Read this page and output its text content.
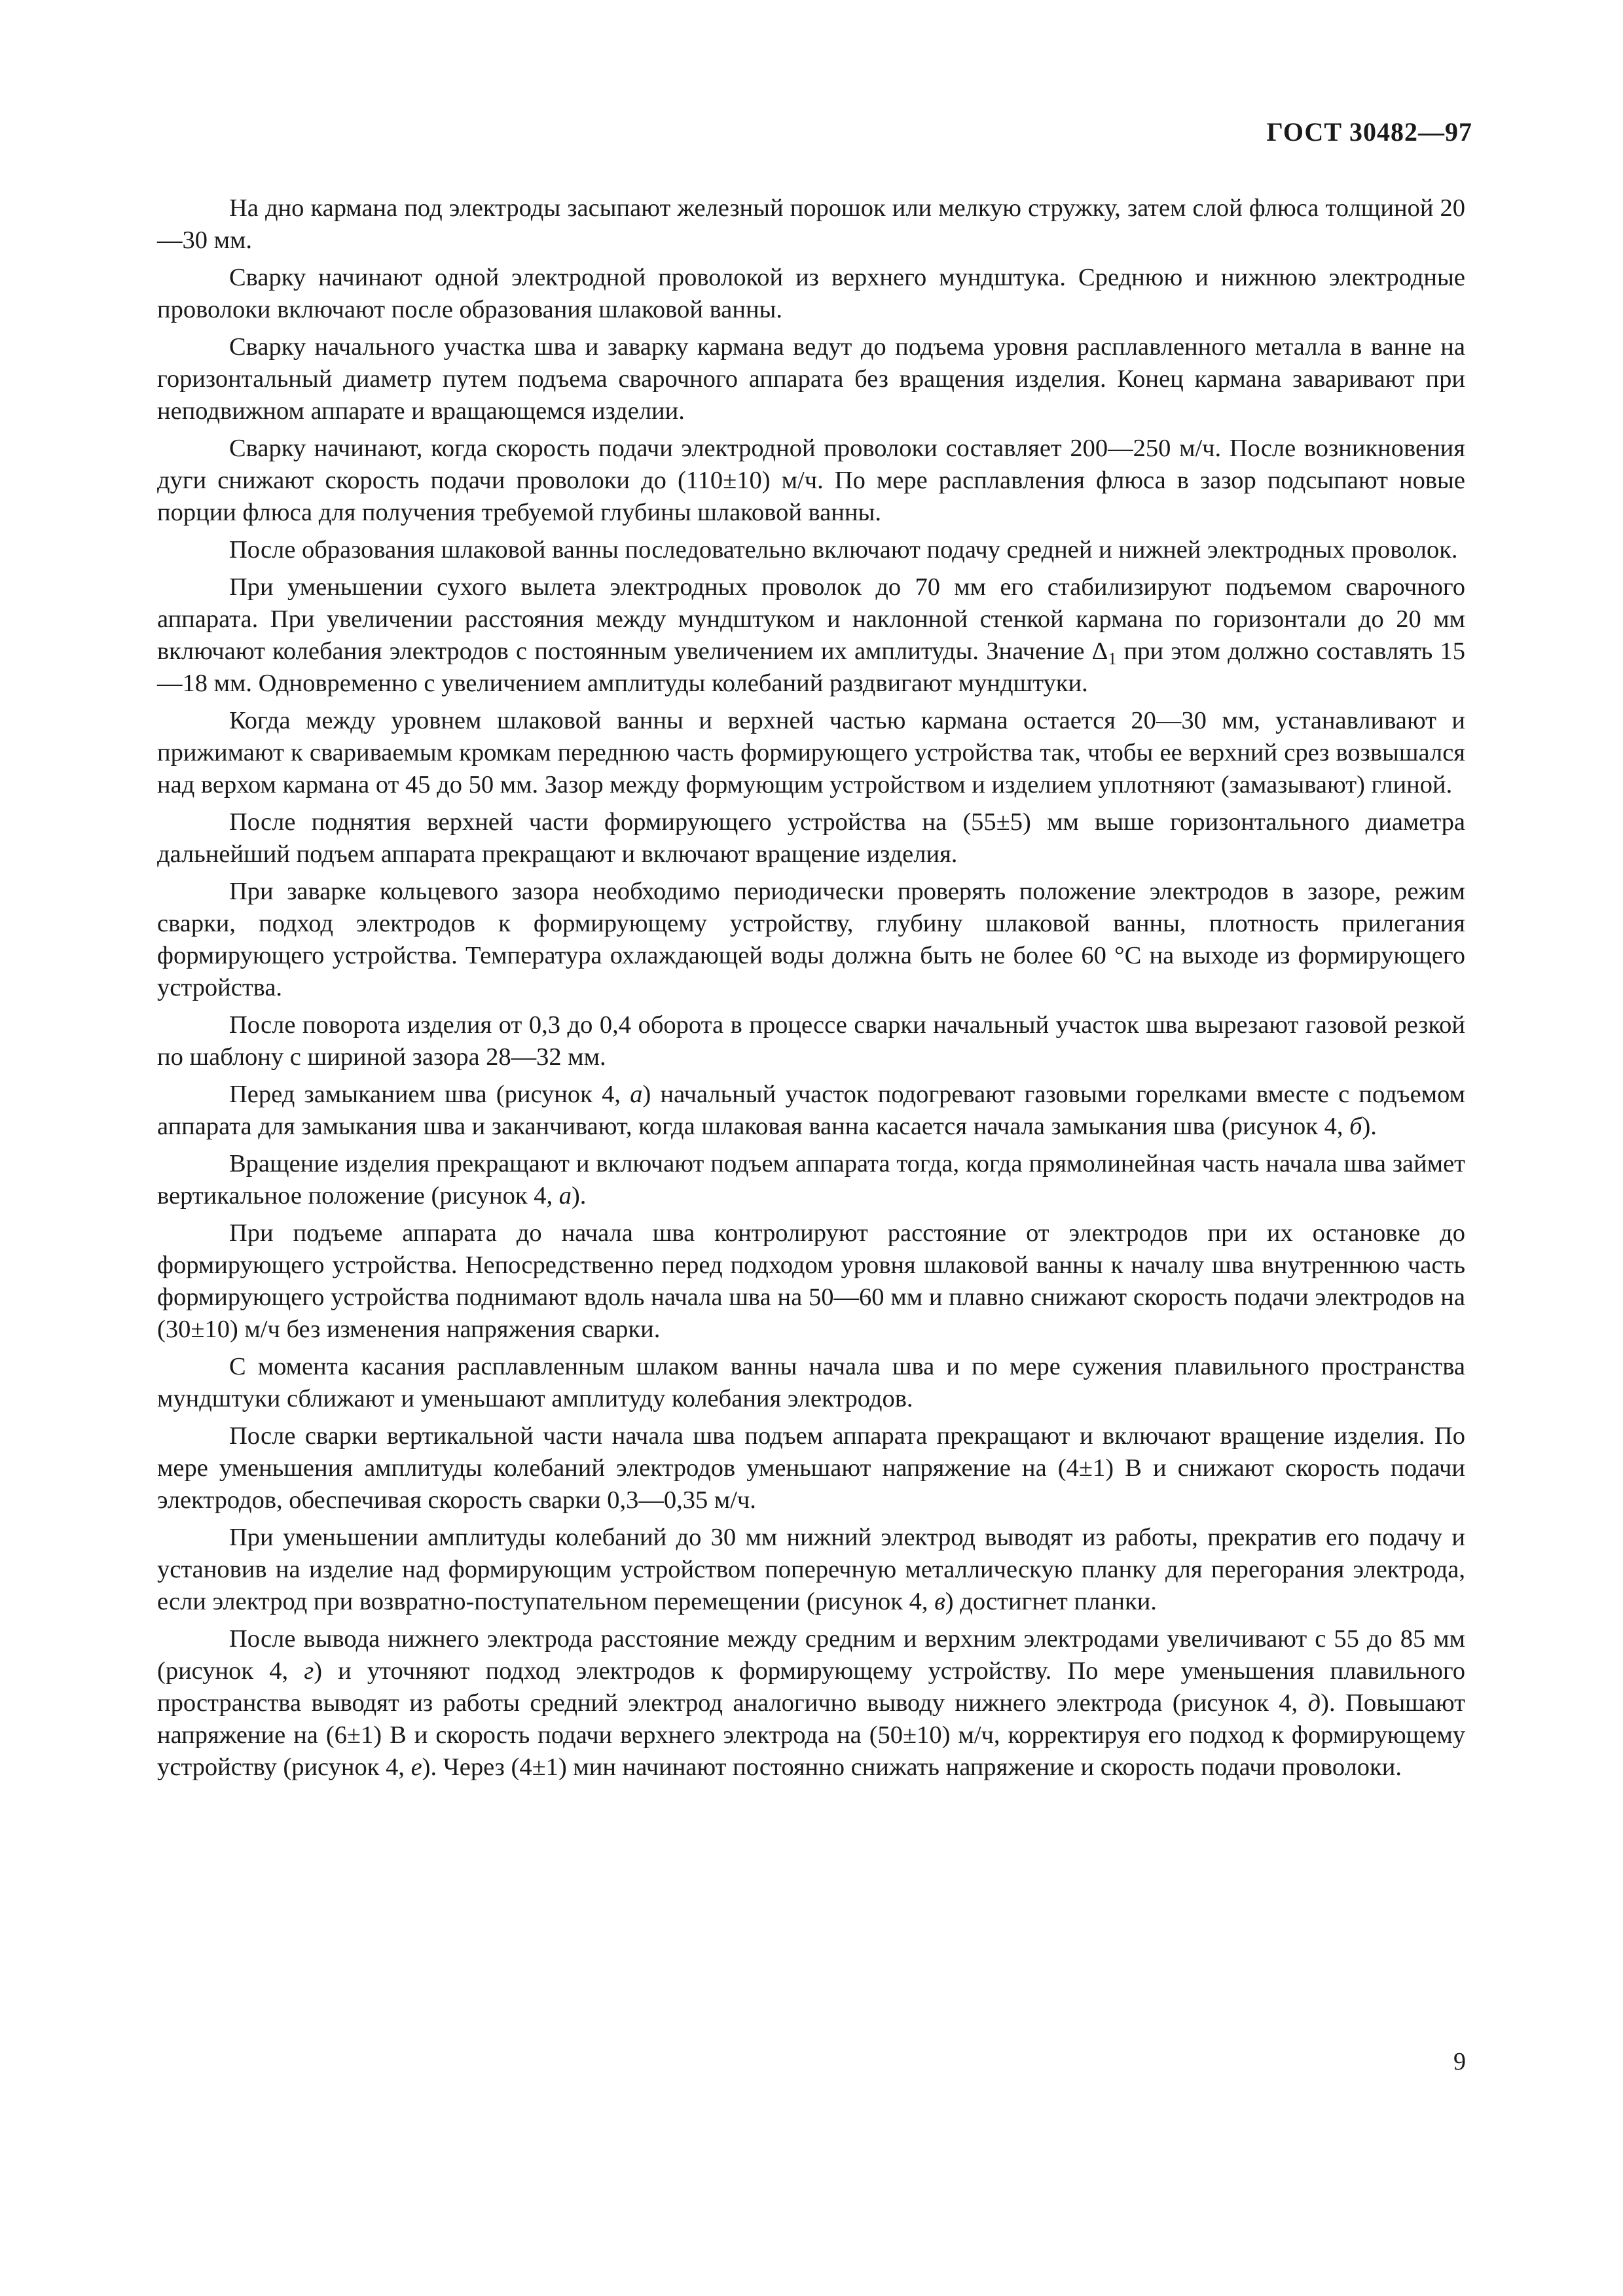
ГОСТ 30482—97

На дно кармана под электроды засыпают железный порошок или мелкую стружку, затем слой флюса толщиной 20—30 мм.

Сварку начинают одной электродной проволокой из верхнего мундштука. Среднюю и нижнюю электродные проволоки включают после образования шлаковой ванны.

Сварку начального участка шва и заварку кармана ведут до подъема уровня расплавленного металла в ванне на горизонтальный диаметр путем подъема сварочного аппарата без вращения изделия. Конец кармана заваривают при неподвижном аппарате и вращающемся изделии.

Сварку начинают, когда скорость подачи электродной проволоки составляет 200—250 м/ч. После возникновения дуги снижают скорость подачи проволоки до (110±10) м/ч. По мере расплавления флюса в зазор подсыпают новые порции флюса для получения требуемой глубины шлаковой ванны.

После образования шлаковой ванны последовательно включают подачу средней и нижней электродных проволок.

При уменьшении сухого вылета электродных проволок до 70 мм его стабилизируют подъемом сварочного аппарата. При увеличении расстояния между мундштуком и наклонной стенкой кармана по горизонтали до 20 мм включают колебания электродов с постоянным увеличением их амплитуды. Значение $\Delta_1$ при этом должно составлять 15—18 мм. Одновременно с увеличением амплитуды колебаний раздвигают мундштуки.

Когда между уровнем шлаковой ванны и верхней частью кармана остается 20—30 мм, устанавливают и прижимают к свариваемым кромкам переднюю часть формирующего устройства так, чтобы ее верхний срез возвышался над верхом кармана от 45 до 50 мм. Зазор между формующим устройством и изделием уплотняют (замазывают) глиной.

После поднятия верхней части формирующего устройства на (55±5) мм выше горизонтального диаметра дальнейший подъем аппарата прекращают и включают вращение изделия.

При заварке кольцевого зазора необходимо периодически проверять положение электродов в зазоре, режим сварки, подход электродов к формирующему устройству, глубину шлаковой ванны, плотность прилегания формирующего устройства. Температура охлаждающей воды должна быть не более 60 °С на выходе из формирующего устройства.

После поворота изделия от 0,3 до 0,4 оборота в процессе сварки начальный участок шва вырезают газовой резкой по шаблону с шириной зазора 28—32 мм.

Перед замыканием шва (рисунок 4, а) начальный участок подогревают газовыми горелками вместе с подъемом аппарата для замыкания шва и заканчивают, когда шлаковая ванна касается начала замыкания шва (рисунок 4, б).

Вращение изделия прекращают и включают подъем аппарата тогда, когда прямолинейная часть начала шва займет вертикальное положение (рисунок 4, а).

При подъеме аппарата до начала шва контролируют расстояние от электродов при их остановке до формирующего устройства. Непосредственно перед подходом уровня шлаковой ванны к началу шва внутреннюю часть формирующего устройства поднимают вдоль начала шва на 50—60 мм и плавно снижают скорость подачи электродов на (30±10) м/ч без изменения напряжения сварки.

С момента касания расплавленным шлаком ванны начала шва и по мере сужения плавильного пространства мундштуки сближают и уменьшают амплитуду колебания электродов.

После сварки вертикальной части начала шва подъем аппарата прекращают и включают вращение изделия. По мере уменьшения амплитуды колебаний электродов уменьшают напряжение на (4±1) В и снижают скорость подачи электродов, обеспечивая скорость сварки 0,3—0,35 м/ч.

При уменьшении амплитуды колебаний до 30 мм нижний электрод выводят из работы, прекратив его подачу и установив на изделие над формирующим устройством поперечную металлическую планку для перегорания электрода, если электрод при возвратно-поступательном перемещении (рисунок 4, в) достигнет планки.

После вывода нижнего электрода расстояние между средним и верхним электродами увеличивают с 55 до 85 мм (рисунок 4, г) и уточняют подход электродов к формирующему устройству. По мере уменьшения плавильного пространства выводят из работы средний электрод аналогично выводу нижнего электрода (рисунок 4, д). Повышают напряжение на (6±1) В и скорость подачи верхнего электрода на (50±10) м/ч, корректируя его подход к формирующему устройству (рисунок 4, е). Через (4±1) мин начинают постоянно снижать напряжение и скорость подачи проволоки.

9
